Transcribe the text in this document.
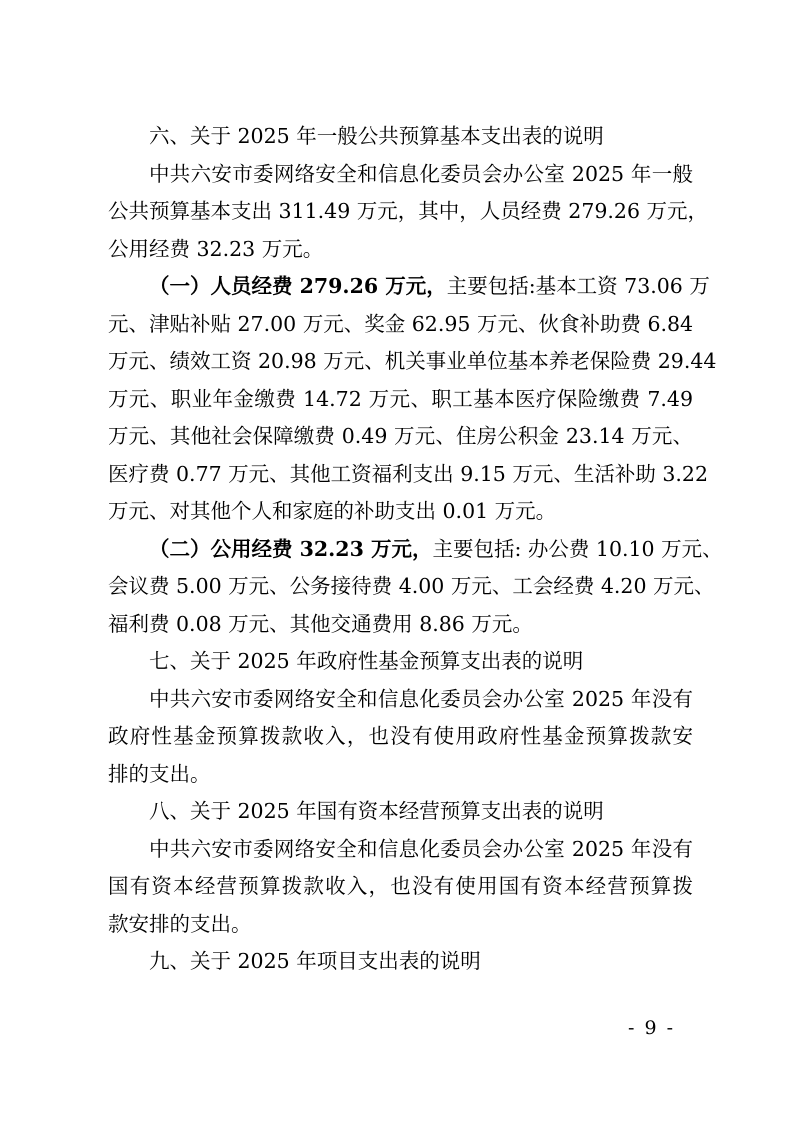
六、关于 2025 年一般公共预算基本支出表的说明
中共六安市委网络安全和信息化委员会办公室 2025 年一般
公共预算基本支出 311.49 万元，其中，人员经费 279.26 万元，
公用经费 32.23 万元。
（一）人员经费 279.26 万元，主要包括:基本工资 73.06 万
元、津贴补贴 27.00 万元、奖金 62.95 万元、伙食补助费 6.84
万元、绩效工资 20.98 万元、机关事业单位基本养老保险费 29.44
万元、职业年金缴费 14.72 万元、职工基本医疗保险缴费 7.49
万元、其他社会保障缴费 0.49 万元、住房公积金 23.14 万元、
医疗费 0.77 万元、其他工资福利支出 9.15 万元、生活补助 3.22
万元、对其他个人和家庭的补助支出 0.01 万元。
（二）公用经费 32.23 万元，主要包括: 办公费 10.10 万元、
会议费 5.00 万元、公务接待费 4.00 万元、工会经费 4.20 万元、
福利费 0.08 万元、其他交通费用 8.86 万元。
七、关于 2025 年政府性基金预算支出表的说明
中共六安市委网络安全和信息化委员会办公室 2025 年没有
政府性基金预算拨款收入，也没有使用政府性基金预算拨款安
排的支出。
八、关于 2025 年国有资本经营预算支出表的说明
中共六安市委网络安全和信息化委员会办公室 2025 年没有
国有资本经营预算拨款收入，也没有使用国有资本经营预算拨
款安排的支出。
九、关于 2025 年项目支出表的说明
- 9 -
